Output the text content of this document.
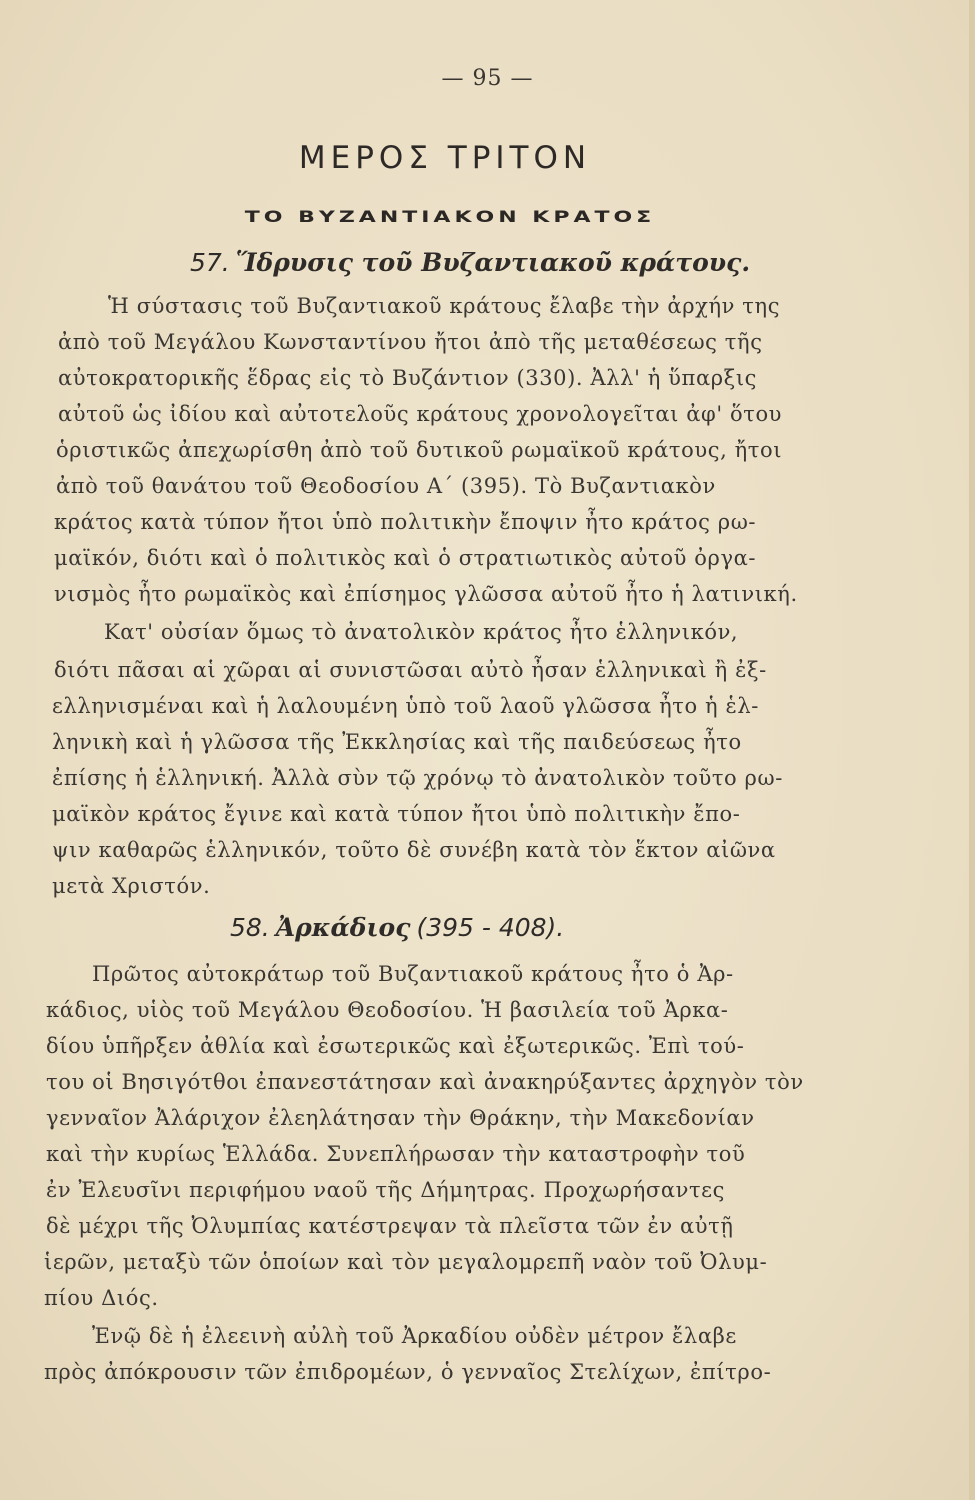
— 95 —
ΜΕΡΟΣ ΤΡΙΤΟΝ
ΤΟ ΒΥΖΑΝΤΙΑΚΟΝ ΚΡΑΤΟΣ
57. Ἵδρυσις τοῦ Βυζαντιακοῦ κράτους.
Ἡ σύστασις τοῦ Βυζαντιακοῦ κράτους ἔλαβε τὴν ἀρχήν της
ἀπὸ τοῦ Μεγάλου Κωνσταντίνου ἤτοι ἀπὸ τῆς μεταθέσεως τῆς
αὐτοκρατορικῆς ἕδρας εἰς τὸ Βυζάντιον (330). Ἀλλ' ἡ ὕπαρξις
αὐτοῦ ὡς ἰδίου καὶ αὐτοτελοῦς κράτους χρονολογεῖται ἀφ' ὅτου
ὁριστικῶς ἀπεχωρίσθη ἀπὸ τοῦ δυτικοῦ ρωμαϊκοῦ κράτους, ἤτοι
ἀπὸ τοῦ θανάτου τοῦ Θεοδοσίου Α΄ (395). Τὸ Βυζαντιακὸν
κράτος κατὰ τύπον ἤτοι ὑπὸ πολιτικὴν ἔποψιν ἦτο κράτος ρω-
μαϊκόν, διότι καὶ ὁ πολιτικὸς καὶ ὁ στρατιωτικὸς αὐτοῦ ὀργα-
νισμὸς ἦτο ρωμαϊκὸς καὶ ἐπίσημος γλῶσσα αὐτοῦ ἦτο ἡ λατινική.
Κατ' οὐσίαν ὅμως τὸ ἀνατολικὸν κράτος ἦτο ἑλληνικόν,
διότι πᾶσαι αἱ χῶραι αἱ συνιστῶσαι αὐτὸ ἦσαν ἑλληνικαὶ ἢ ἐξ-
ελληνισμέναι καὶ ἡ λαλουμένη ὑπὸ τοῦ λαοῦ γλῶσσα ἦτο ἡ ἑλ-
ληνικὴ καὶ ἡ γλῶσσα τῆς Ἐκκλησίας καὶ τῆς παιδεύσεως ἦτο
ἐπίσης ἡ ἑλληνική. Ἀλλὰ σὺν τῷ χρόνῳ τὸ ἀνατολικὸν τοῦτο ρω-
μαϊκὸν κράτος ἔγινε καὶ κατὰ τύπον ἤτοι ὑπὸ πολιτικὴν ἔπο-
ψιν καθαρῶς ἑλληνικόν, τοῦτο δὲ συνέβη κατὰ τὸν ἕκτον αἰῶνα
μετὰ Χριστόν.
58. Ἀρκάδιος (395 - 408).
Πρῶτος αὐτοκράτωρ τοῦ Βυζαντιακοῦ κράτους ἦτο ὁ Ἀρ-
κάδιος, υἱὸς τοῦ Μεγάλου Θεοδοσίου. Ἡ βασιλεία τοῦ Ἀρκα-
δίου ὑπῆρξεν ἀθλία καὶ ἐσωτερικῶς καὶ ἐξωτερικῶς. Ἐπὶ τού-
του οἱ Βησιγότθοι ἐπανεστάτησαν καὶ ἀνακηρύξαντες ἀρχηγὸν τὸν
γενναῖον Ἀλάριχον ἐλεηλάτησαν τὴν Θράκην, τὴν Μακεδονίαν
καὶ τὴν κυρίως Ἑλλάδα. Συνεπλήρωσαν τὴν καταστροφὴν τοῦ
ἐν Ἐλευσῖνι περιφήμου ναοῦ τῆς Δήμητρας. Προχωρήσαντες
δὲ μέχρι τῆς Ὀλυμπίας κατέστρεψαν τὰ πλεῖστα τῶν ἐν αὐτῇ
ἱερῶν, μεταξὺ τῶν ὁποίων καὶ τὸν μεγαλομρεπῆ ναὸν τοῦ Ὀλυμ-
πίου Διός.
Ἐνῷ δὲ ἡ ἐλεεινὴ αὐλὴ τοῦ Ἀρκαδίου οὐδὲν μέτρον ἔλαβε
πρὸς ἀπόκρουσιν τῶν ἐπιδρομέων, ὁ γενναῖος Στελίχων, ἐπίτρο-
